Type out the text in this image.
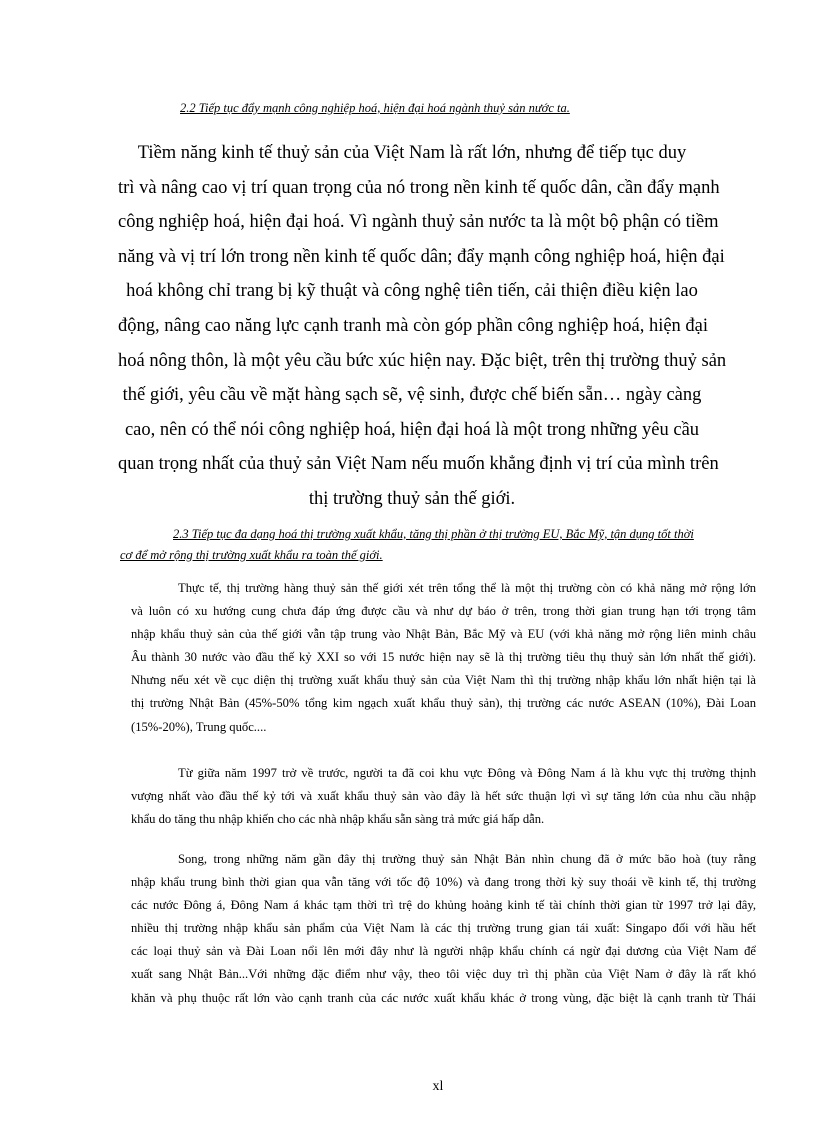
2.2 Tiếp tục đẩy mạnh công nghiệp hoá, hiện đại hoá ngành thuỷ sản nước ta.
Tiềm năng kinh tế thuỷ sản của Việt Nam là rất lớn, nhưng để tiếp tục duy
trì và nâng cao vị trí quan trọng của nó trong nền kinh tế quốc dân, cần đẩy mạnh
công nghiệp hoá, hiện đại hoá. Vì ngành thuỷ sản nước ta là một bộ phận có tiềm
năng và vị trí lớn trong nền kinh tế quốc dân; đẩy mạnh công nghiệp hoá, hiện đại
hoá không chỉ trang bị kỹ thuật và công nghệ tiên tiến, cải thiện điều kiện lao
động, nâng cao năng lực cạnh tranh mà còn góp phần công nghiệp hoá, hiện đại
hoá nông thôn, là một yêu cầu bức xúc hiện nay. Đặc biệt, trên thị trường thuỷ sản
thế giới, yêu cầu về mặt hàng sạch sẽ, vệ sinh, được chế biến sẵn… ngày càng
cao, nên có thể nói công nghiệp hoá, hiện đại hoá là một trong những yêu cầu
quan trọng nhất của thuỷ sản Việt Nam nếu muốn khẳng định vị trí của mình trên
thị trường thuỷ sản thế giới.
2.3 Tiếp tục đa dạng hoá thị trường xuất khẩu, tăng thị phần ở thị trường EU, Bắc Mỹ, tận dụng tốt thời
cơ để mở rộng thị trường xuất khẩu ra toàn thế giới.
Thực tế, thị trường hàng thuỷ sản thế giới xét trên tổng thể là một thị trường còn có khả năng mở rộng lớn
và luôn có xu hướng cung chưa đáp ứng được cầu và như dự báo ở trên, trong thời gian trung hạn tới trọng tâm
nhập khẩu thuỷ sản của thế giới vẫn tập trung vào Nhật Bản, Bắc Mỹ và EU (với khả năng mở rộng liên minh châu
Âu thành 30 nước vào đầu thế kỷ XXI so với 15 nước hiện nay sẽ là thị trường tiêu thụ thuỷ sản lớn nhất thế giới).
Nhưng nếu xét về cục diện thị trường xuất khẩu thuỷ sản của Việt Nam thì thị trường nhập khẩu lớn nhất hiện tại là
thị trường Nhật Bản (45%-50% tổng kim ngạch xuất khẩu thuỷ sản), thị trường các nước ASEAN (10%), Đài Loan
(15%-20%), Trung quốc....
Từ giữa năm 1997 trở về trước, người ta đã coi khu vực Đông và Đông Nam á là khu vực thị trường thịnh
vượng nhất vào đầu thế kỷ tới và xuất khẩu thuỷ sản vào đây là hết sức thuận lợi vì sự tăng lớn của nhu cầu nhập
khẩu do tăng thu nhập khiến cho các nhà nhập khẩu sẵn sàng trả mức giá hấp dẫn.
Song, trong những năm gần đây thị trường thuỷ sản Nhật Bản nhìn chung đã ở mức bão hoà (tuy rằng
nhập khẩu trung bình thời gian qua vẫn tăng với tốc độ 10%) và đang trong thời kỳ suy thoái về kinh tế, thị trường
các nước Đông á, Đông Nam á khác tạm thời trì trệ do khủng hoảng kinh tế tài chính thời gian từ 1997 trở lại đây,
nhiều thị trường nhập khẩu sản phẩm của Việt Nam là các thị trường trung gian tái xuất: Singapo đối với hầu hết
các loại thuỷ sản và Đài Loan nổi lên mới đây như là người nhập khẩu chính cá ngừ đại dương của Việt Nam để
xuất sang Nhật Bản...Với những đặc điểm như vậy, theo tôi việc duy trì thị phần của Việt Nam ở đây là rất khó
khăn và phụ thuộc rất lớn vào cạnh tranh của các nước xuất khẩu khác ở trong vùng, đặc biệt là cạnh tranh từ Thái
xl
